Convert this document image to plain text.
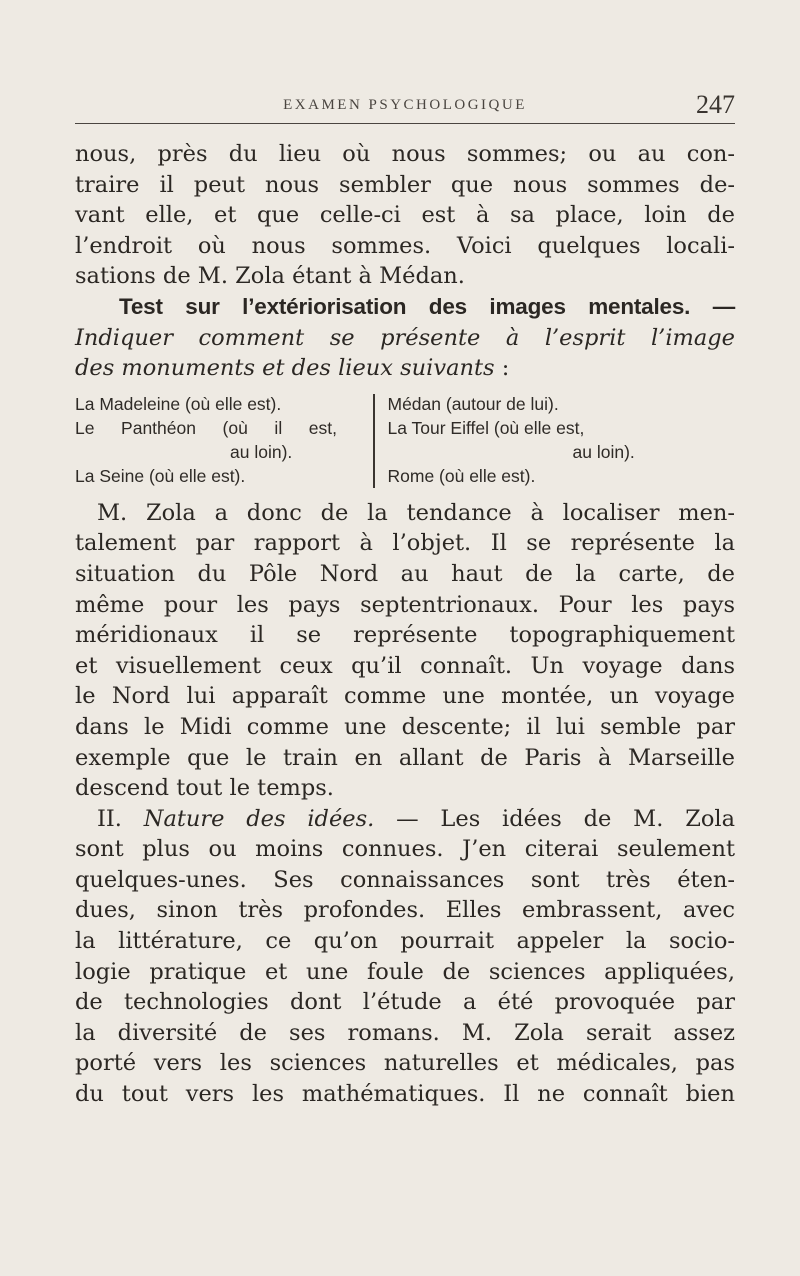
EXAMEN PSYCHOLOGIQUE	247
nous, près du lieu où nous sommes; ou au con-
traire il peut nous sembler que nous sommes de-
vant elle, et que celle-ci est à sa place, loin de
l’endroit où nous sommes. Voici quelques locali-
sations de M. Zola étant à Médan.
Test sur l’extériorisation des images mentales. —
Indiquer comment se présente à l’esprit l’image
des monuments et des lieux suivants :
La Madeleine (où elle est).
Le Panthéon (où il est,
au loin).
La Seine (où elle est).
Médan (autour de lui).
La Tour Eiffel (où elle est,
au loin).
Rome (où elle est).
M. Zola a donc de la tendance à localiser men-
talement par rapport à l’objet. Il se représente la
situation du Pôle Nord au haut de la carte, de
même pour les pays septentrionaux. Pour les pays
méridionaux il se représente topographiquement
et visuellement ceux qu’il connaît. Un voyage dans
le Nord lui apparaît comme une montée, un voyage
dans le Midi comme une descente; il lui semble par
exemple que le train en allant de Paris à Marseille
descend tout le temps.
II. Nature des idées. — Les idées de M. Zola
sont plus ou moins connues. J’en citerai seulement
quelques-unes. Ses connaissances sont très éten-
dues, sinon très profondes. Elles embrassent, avec
la littérature, ce qu’on pourrait appeler la socio-
logie pratique et une foule de sciences appliquées,
de technologies dont l’étude a été provoquée par
la diversité de ses romans. M. Zola serait assez
porté vers les sciences naturelles et médicales, pas
du tout vers les mathématiques. Il ne connaît bien
